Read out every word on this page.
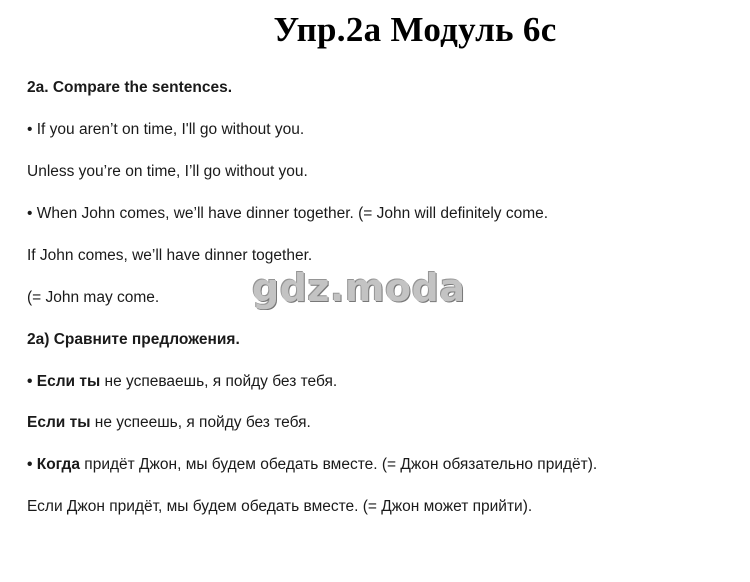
Упр.2а Модуль 6с
2a. Compare the sentences.
• If you aren’t on time, I'll go without you.
Unless you’re on time, I’ll go without you.
• When John comes, we’ll have dinner together. (= John will definitely come.
If John comes, we’ll have dinner together.
(= John may come. gdz.moda
2а) Сравните предложения.
• Если ты не успеваешь, я пойду без тебя.
Если ты не успеешь, я пойду без тебя.
• Когда придёт Джон, мы будем обедать вместе. (= Джон обязательно придёт).
Если Джон придёт, мы будем обедать вместе. (= Джон может прийти).
